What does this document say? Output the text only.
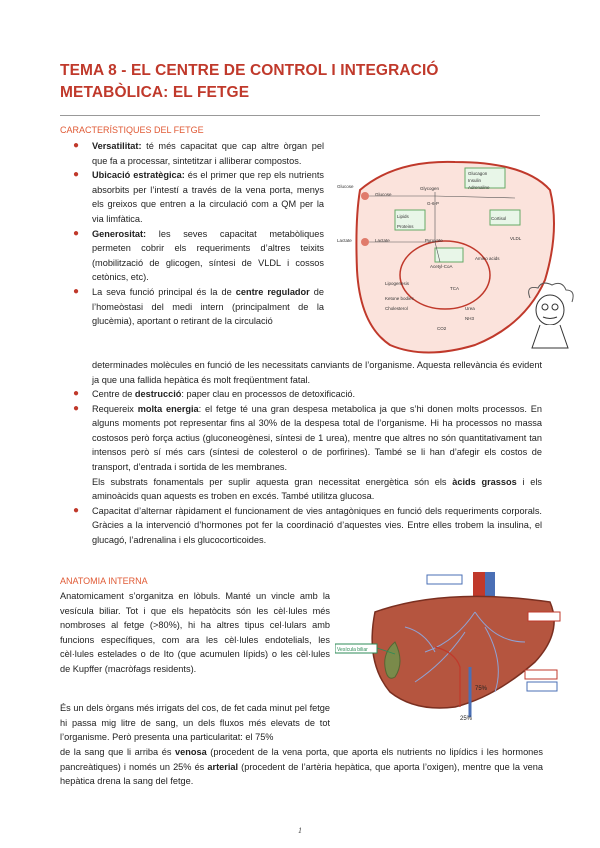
TEMA 8 - EL CENTRE DE CONTROL I INTEGRACIÓ METABÒLICA: EL FETGE
CARACTERÍSTIQUES DEL FETGE
● Versatilitat: té més capacitat que cap altre òrgan pel que fa a processar, sintetitzar i alliberar compostos.
● Ubicació estratègica: és el primer que rep els nutrients absorbits per l’intestí a través de la vena porta, menys els greixos que entren a la circulació com a QM per la via limfàtica.
● Generositat: les seves capacitat metabòliques permeten cobrir els requeriments d’altres teixits (mobilització de glicogen, síntesi de VLDL i cossos cetònics, etc).
● La seva funció principal és la de centre regulador de l’homeòstasi del medi intern (principalment de la glucèmia), aportant o retirant de la circulació
Glucose
Glucose
Lactate	Lactate
Glycogen
Pyruvate
Acetyl-CoA
TCA
Lipogenesis
Ketone bodies
Cholesterol
Glucagon
Insulin
VLDL
Amino acids
Urea
NH3
G-6-P
Lipids
Adrenaline
CO2
Cortisol
Proteins
determinades molècules en funció de les necessitats canviants de l’organisme. Aquesta rellevància és evident ja que una fallida hepàtica és molt freqüentment fatal.
● Centre de destrucció: paper clau en processos de detoxificació.
● Requereix molta energia: el fetge té una gran despesa metabolica ja que s’hi donen molts processos. En alguns moments pot representar fins al 30% de la despesa total de l’organisme. Hi ha processos no massa costosos però força actius (gluconeogènesi, síntesi de 1 urea), mentre que altres no són quantitativament tan intensos però sí més cars (síntesi de colesterol o de porfirines). També se li han d’afegir els costos de transport, d’entrada i sortida de les membranes.
Els substrats fonamentals per suplir aquesta gran necessitat energètica són els àcids grassos i els aminoàcids quan aquests es troben en excés. També utilitza glucosa.
● Capacitat d’alternar ràpidament el funcionament de vies antagòniques en funció dels requeriments corporals. Gràcies a la intervenció d’hormones pot fer la coordinació d’aquestes vies. Entre elles trobem la insulina, el glucagó, l’adrenalina i els glucocorticoides.
ANATOMIA INTERNA
Anatomicament s’organitza en lòbuls. Manté un vincle amb la vesícula biliar. Tot i que els hepatòcits són les cèl·lules més nombroses al fetge (>80%), hi ha altres tipus cel·lulars amb funcions específiques, com ara les cèl·lules endotelials, les cèl·lules estelades o de Ito (que acumulen lípids) o les cèl·lules de Kupffer (macròfags residents).
És un dels òrgans més irrigats del cos, de fet cada minut pel fetge hi passa mig litre de sang, un dels fluxos més elevats de tot l’organisme. Però presenta una particularitat: el 75%
Vesícula biliar
75%
25%
de la sang que li arriba és venosa (procedent de la vena porta, que aporta els nutrients no lipídics i les hormones pancreàtiques) i només un 25% és arterial (procedent de l’artèria hepàtica, que aporta l’oxigen), mentre que la vena hepàtica drena la sang del fetge.
1
